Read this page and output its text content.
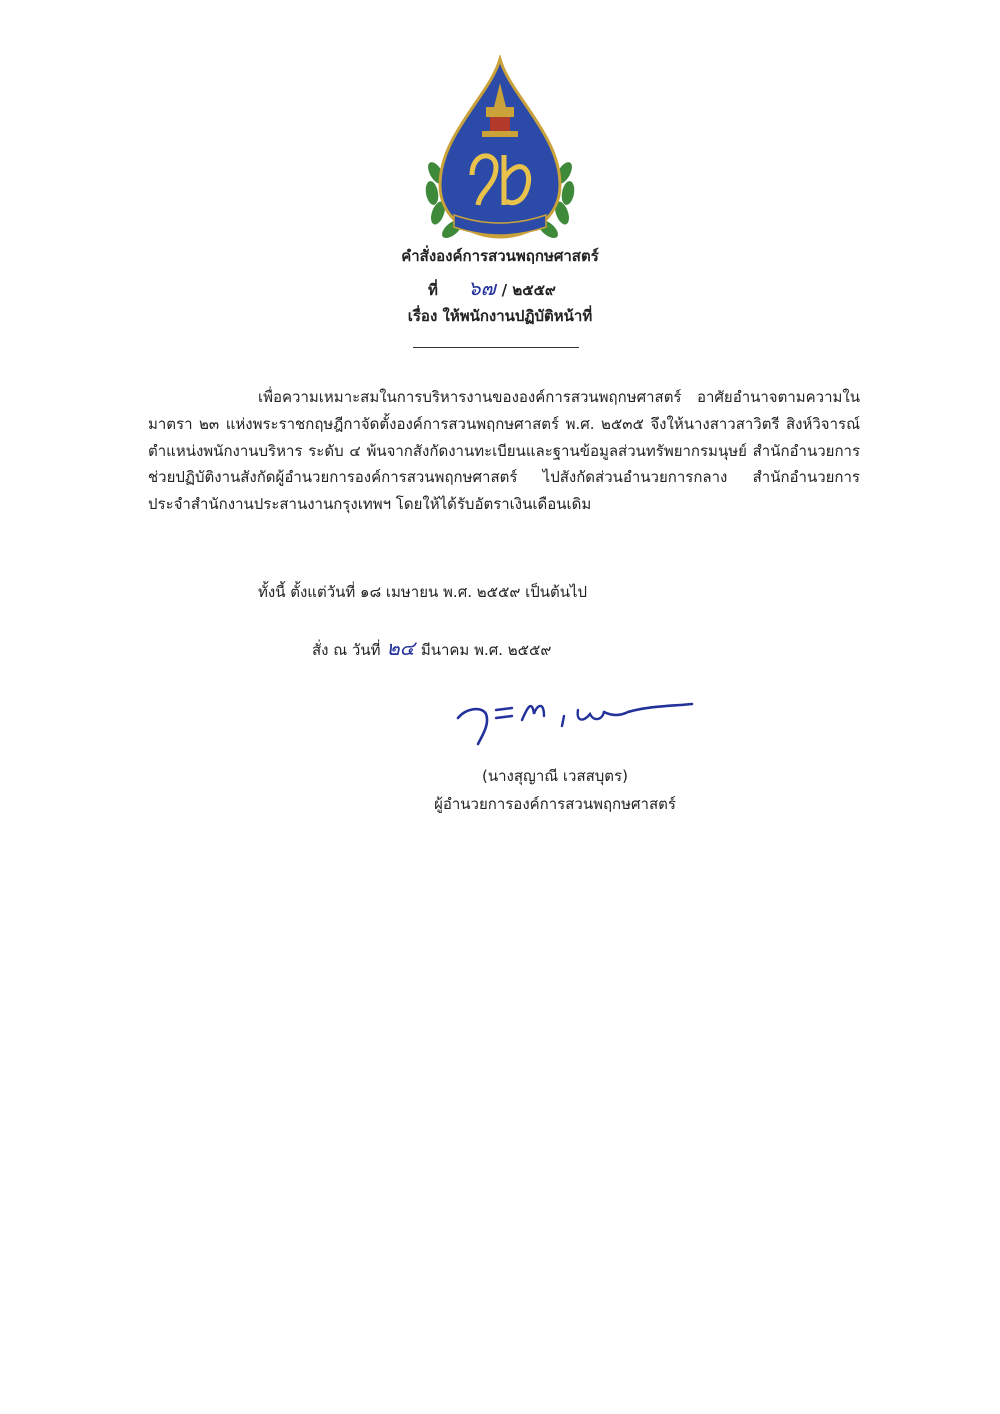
คำสั่งองค์การสวนพฤกษศาสตร์
ที่ ๖๗ / ๒๕๕๙
เรื่อง ให้พนักงานปฏิบัติหน้าที่

เพื่อความเหมาะสมในการบริหารงานขององค์การสวนพฤกษศาสตร์ อาศัยอำนาจตามความในมาตรา ๒๓ แห่งพระราชกฤษฎีกาจัดตั้งองค์การสวนพฤกษศาสตร์ พ.ศ. ๒๕๓๕ จึงให้นางสาวสาวิตรี สิงห์วิจารณ์ ตำแหน่งพนักงานบริหาร ระดับ ๔ พ้นจากสังกัดงานทะเบียนและฐานข้อมูลส่วนทรัพยากรมนุษย์ สำนักอำนวยการ ช่วยปฏิบัติงานสังกัดผู้อำนวยการองค์การสวนพฤกษศาสตร์ ไปสังกัดส่วนอำนวยการกลาง สำนักอำนวยการ ประจำสำนักงานประสานงานกรุงเทพฯ โดยให้ได้รับอัตราเงินเดือนเดิม

ทั้งนี้ ตั้งแต่วันที่ ๑๘ เมษายน พ.ศ. ๒๕๕๙ เป็นต้นไป
สั่ง ณ วันที่ ๒๔ มีนาคม พ.ศ. ๒๕๕๙
(นางสุญาณี เวสสบุตร)
ผู้อำนวยการองค์การสวนพฤกษศาสตร์
